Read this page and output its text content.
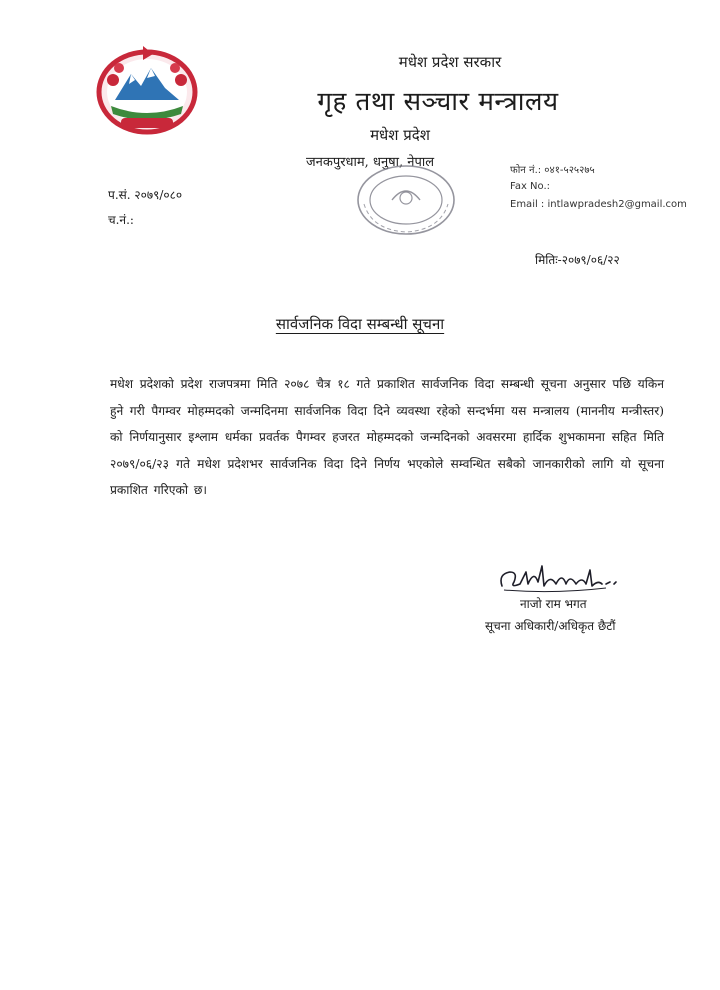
मधेश प्रदेश सरकार
गृह तथा सञ्चार मन्त्रालय
मधेश प्रदेश
जनकपुरधाम, धनुषा, नेपाल
फोन नं.: ०४१-५२५२७५
Fax No.:
Email : intlawpradesh2@gmail.com
प.सं. २०७९/०८०
च.नं.:
मितिः-२०७९/०६/२२
सार्वजनिक विदा सम्बन्धी सूचना
मधेश प्रदेशको प्रदेश राजपत्रमा मिति २०७८ चैत्र १८ गते प्रकाशित सार्वजनिक विदा सम्बन्धी सूचना अनुसार पछि यकिन हुने गरी पैगम्वर मोहम्मदको जन्मदिनमा सार्वजनिक विदा दिने व्यवस्था रहेको सन्दर्भमा यस मन्त्रालय (माननीय मन्त्रीस्तर) को निर्णयानुसार इश्लाम धर्मका प्रवर्तक पैगम्वर हजरत मोहम्मदको जन्मदिनको अवसरमा हार्दिक शुभकामना सहित मिति २०७९/०६/२३ गते मधेश प्रदेशभर सार्वजनिक विदा दिने निर्णय भएकोले सम्वन्धित सबैको जानकारीको लागि यो सूचना प्रकाशित गरिएको छ।
नाजो राम भगत
सूचना अधिकारी/अधिकृत छैटौं
